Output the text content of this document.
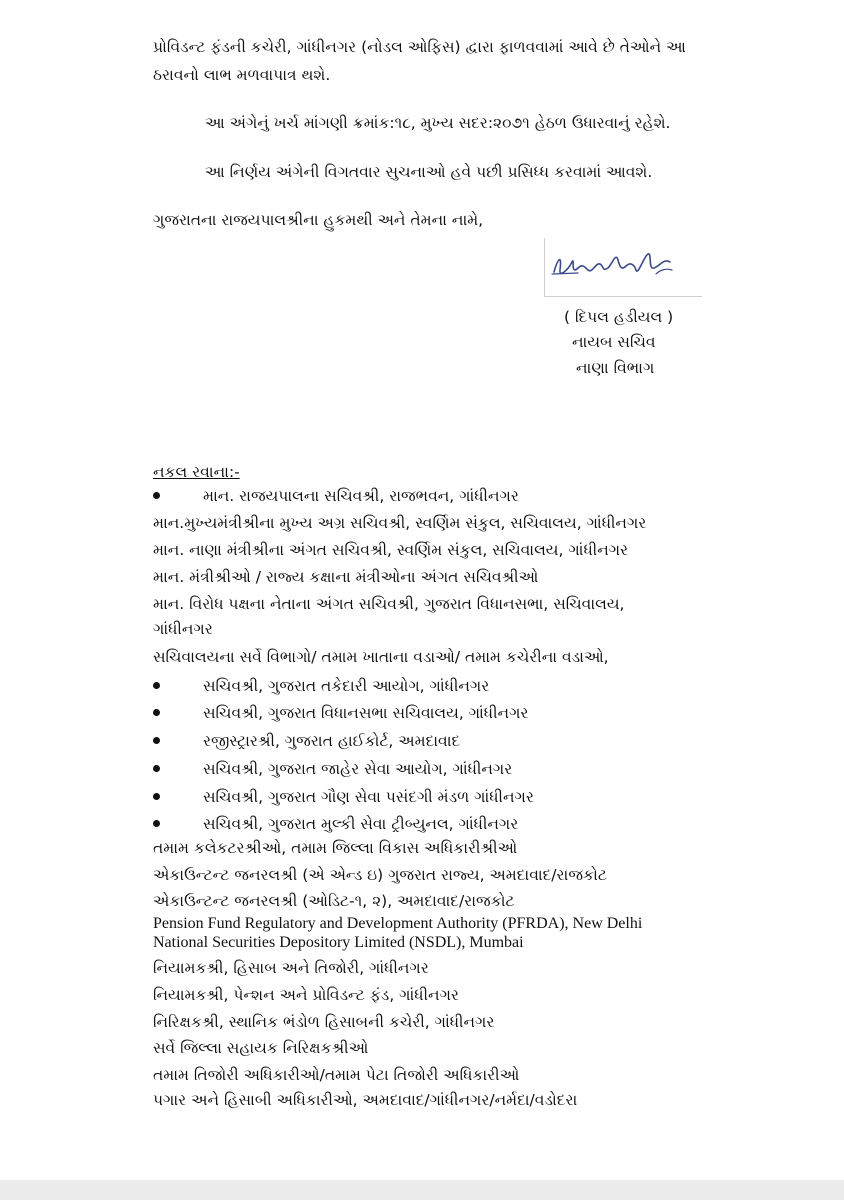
પ્રોવિડન્ટ ફંડની કચેરી, ગાંધીનગર (નોડલ ઓફિસ) દ્વારા ફાળવવામાં આવે છે તેઓને આ
ઠરાવનો લાભ મળવાપાત્ર થશે.
આ અંગેનું ખર્ચ માંગણી ક્રમાંક:૧૮, મુખ્ય સદર:૨૦૭૧ હેઠળ ઉધારવાનું રહેશે.
આ નિર્ણય અંગેની વિગતવાર સુચનાઓ હવે પછી પ્રસિધ્ધ કરવામાં આવશે.
ગુજરાતના રાજયપાલશ્રીના હુકમથી અને તેમના નામે,
( દિપલ હડીયલ )
નાયબ સચિવ
નાણા વિભાગ
નકલ રવાના:-
માન. રાજયપાલના સચિવશ્રી, રાજભવન, ગાંધીનગર
માન.મુખ્યમંત્રીશ્રીના મુખ્ય અગ્ર સચિવશ્રી, સ્વર્ણિમ સંકુલ, સચિવાલય, ગાંધીનગર
માન. નાણા મંત્રીશ્રીના અંગત સચિવશ્રી, સ્વર્ણિમ સંકુલ, સચિવાલય, ગાંધીનગર
માન. મંત્રીશ્રીઓ / રાજ્ય કક્ષાના મંત્રીઓના અંગત સચિવશ્રીઓ
માન. વિરોધ પક્ષના નેતાના અંગત સચિવશ્રી, ગુજરાત વિધાનસભા, સચિવાલય,
ગાંધીનગર
સચિવાલયના સર્વે વિભાગો/ તમામ ખાતાના વડાઓ/ તમામ કચેરીના વડાઓ,
સચિવશ્રી, ગુજરાત તકેદારી આયોગ, ગાંધીનગર
સચિવશ્રી, ગુજરાત વિધાનસભા સચિવાલય, ગાંધીનગર
રજીસ્ટ્રારશ્રી, ગુજરાત હાઈકોર્ટ, અમદાવાદ
સચિવશ્રી, ગુજરાત જાહેર સેવા આયોગ, ગાંધીનગર
સચિવશ્રી, ગુજરાત ગૌણ સેવા પસંદગી મંડળ ગાંધીનગર
સચિવશ્રી, ગુજરાત મુલ્કી સેવા ટ્રીબ્યુનલ, ગાંધીનગર
તમામ કલેકટરશ્રીઓ, તમામ જિલ્લા વિકાસ અધિકારીશ્રીઓ
એકાઉન્ટન્ટ જનરલશ્રી (એ એન્ડ ઇ) ગુજરાત રાજ્ય, અમદાવાદ/રાજકોટ
એકાઉન્ટન્ટ જનરલશ્રી (ઓડિટ-૧, ૨), અમદાવાદ/રાજકોટ
Pension Fund Regulatory and Development Authority (PFRDA), New Delhi
National Securities Depository Limited (NSDL), Mumbai
નિયામકશ્રી, હિસાબ અને તિજોરી, ગાંધીનગર
નિયામકશ્રી, પેન્શન અને પ્રોવિડન્ટ ફંડ, ગાંધીનગર
નિરિક્ષકશ્રી, સ્થાનિક ભંડોળ હિસાબની કચેરી, ગાંધીનગર
સર્વે જિલ્લા સહાયક નિરિક્ષકશ્રીઓ
તમામ તિજોરી અધિકારીઓ/તમામ પેટા તિજોરી અધિકારીઓ
પગાર અને હિસાબી અધિકારીઓ, અમદાવાદ/ગાંધીનગર/નર્મદા/વડોદરા
